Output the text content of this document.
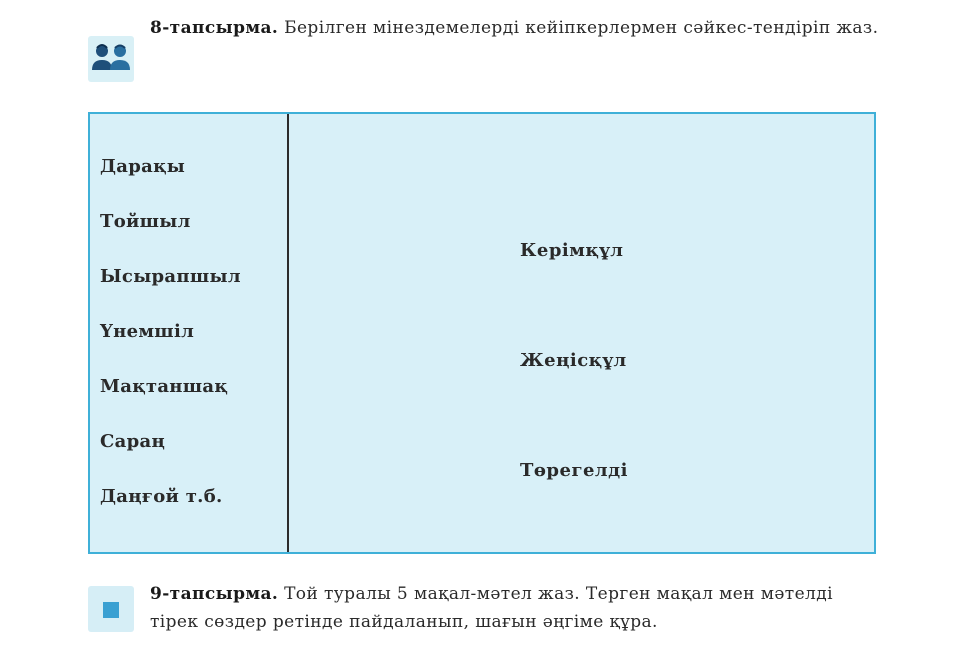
8-тапсырма. Берілген мінездемелерді кейіпкерлермен сәйкес-тендіріп жаз.
Дарақы
Тойшыл
Ысырапшыл
Үнемшіл
Мақтаншақ
Сараң
Даңғой т.б.
Керімқұл
Жеңісқұл
Төрегелді
9-тапсырма. Той туралы 5 мақал-мәтел жаз. Терген мақал мен мәтелді тірек сөздер ретінде пайдаланып, шағын әңгіме құра.
